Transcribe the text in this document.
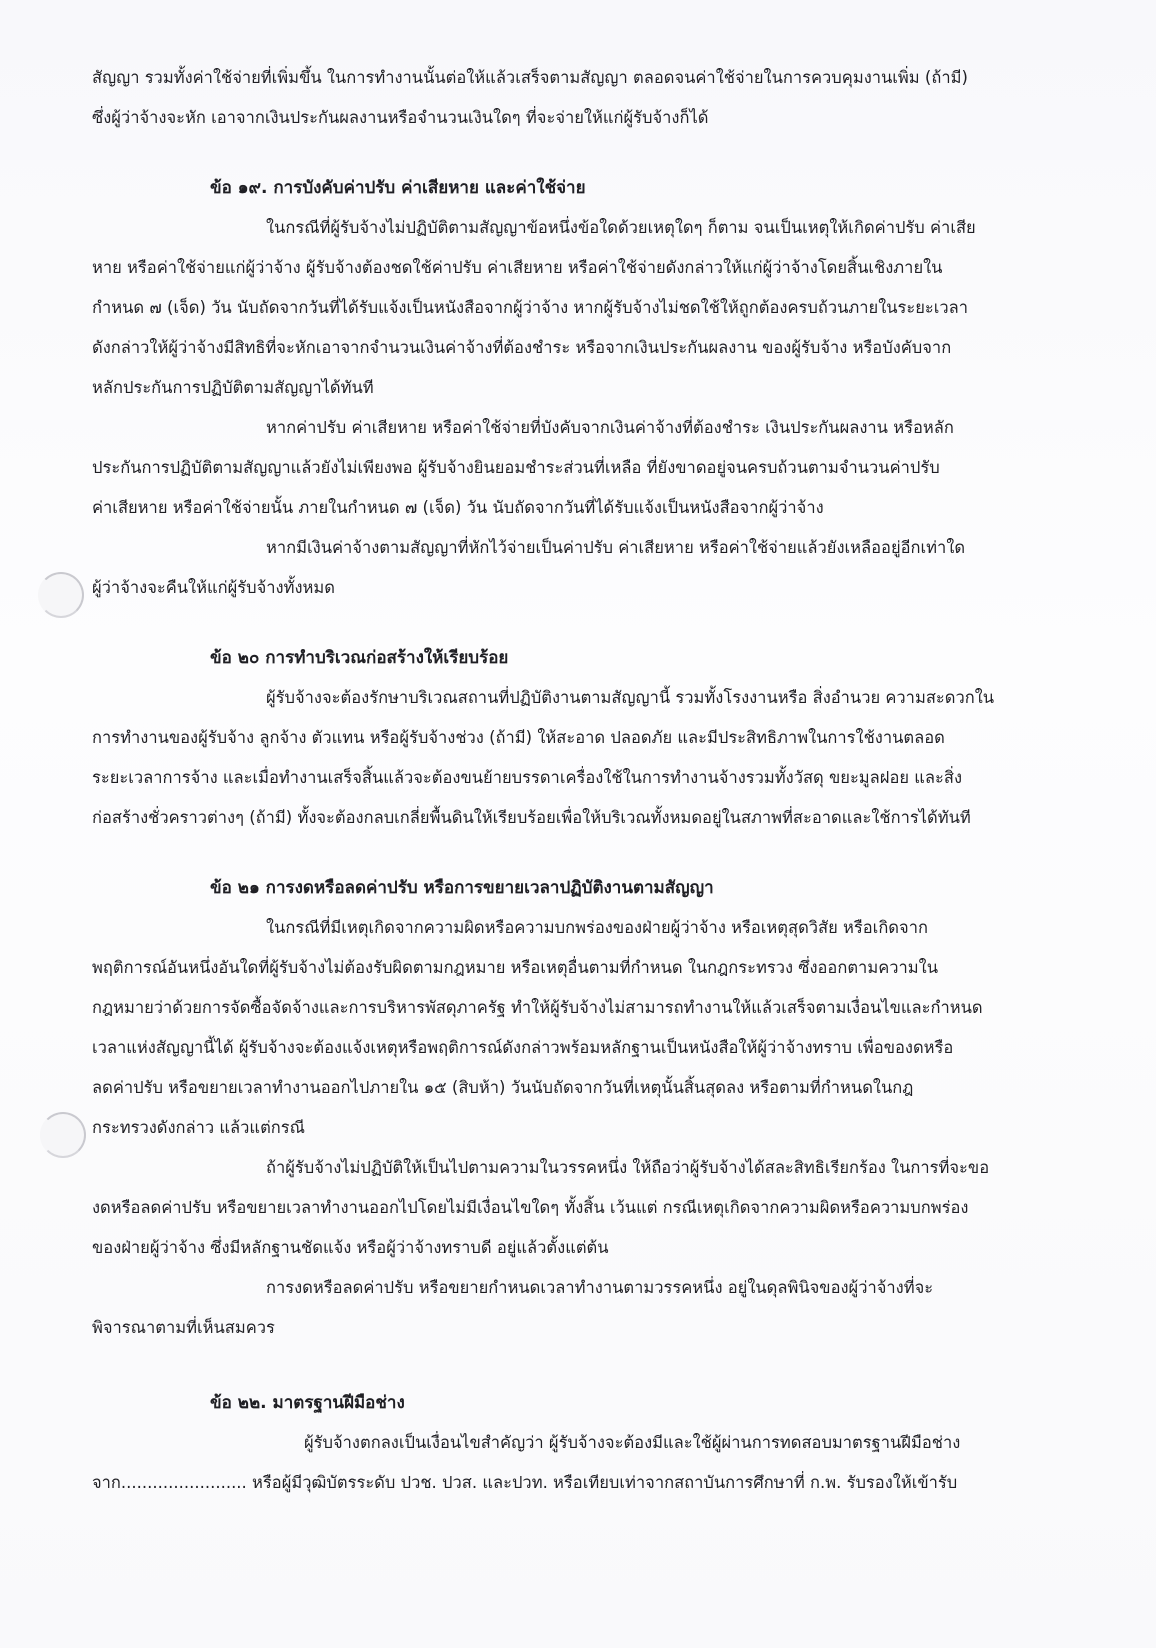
สัญญา รวมทั้งค่าใช้จ่ายที่เพิ่มขึ้น ในการทำงานนั้นต่อให้แล้วเสร็จตามสัญญา ตลอดจนค่าใช้จ่ายในการควบคุมงานเพิ่ม (ถ้ามี)
ซึ่งผู้ว่าจ้างจะหัก เอาจากเงินประกันผลงานหรือจำนวนเงินใดๆ ที่จะจ่ายให้แก่ผู้รับจ้างก็ได้
ข้อ ๑๙. การบังคับค่าปรับ ค่าเสียหาย และค่าใช้จ่าย
ในกรณีที่ผู้รับจ้างไม่ปฏิบัติตามสัญญาข้อหนึ่งข้อใดด้วยเหตุใดๆ ก็ตาม จนเป็นเหตุให้เกิดค่าปรับ ค่าเสีย
หาย หรือค่าใช้จ่ายแก่ผู้ว่าจ้าง ผู้รับจ้างต้องชดใช้ค่าปรับ ค่าเสียหาย หรือค่าใช้จ่ายดังกล่าวให้แก่ผู้ว่าจ้างโดยสิ้นเชิงภายใน
กำหนด ๗ (เจ็ด) วัน นับถัดจากวันที่ได้รับแจ้งเป็นหนังสือจากผู้ว่าจ้าง หากผู้รับจ้างไม่ชดใช้ให้ถูกต้องครบถ้วนภายในระยะเวลา
ดังกล่าวให้ผู้ว่าจ้างมีสิทธิที่จะหักเอาจากจำนวนเงินค่าจ้างที่ต้องชำระ หรือจากเงินประกันผลงาน ของผู้รับจ้าง หรือบังคับจาก
หลักประกันการปฏิบัติตามสัญญาได้ทันที
หากค่าปรับ ค่าเสียหาย หรือค่าใช้จ่ายที่บังคับจากเงินค่าจ้างที่ต้องชำระ เงินประกันผลงาน หรือหลัก
ประกันการปฏิบัติตามสัญญาแล้วยังไม่เพียงพอ ผู้รับจ้างยินยอมชำระส่วนที่เหลือ ที่ยังขาดอยู่จนครบถ้วนตามจำนวนค่าปรับ
ค่าเสียหาย หรือค่าใช้จ่ายนั้น ภายในกำหนด ๗ (เจ็ด) วัน นับถัดจากวันที่ได้รับแจ้งเป็นหนังสือจากผู้ว่าจ้าง
หากมีเงินค่าจ้างตามสัญญาที่หักไว้จ่ายเป็นค่าปรับ ค่าเสียหาย หรือค่าใช้จ่ายแล้วยังเหลืออยู่อีกเท่าใด
ผู้ว่าจ้างจะคืนให้แก่ผู้รับจ้างทั้งหมด
ข้อ ๒๐ การทำบริเวณก่อสร้างให้เรียบร้อย
ผู้รับจ้างจะต้องรักษาบริเวณสถานที่ปฏิบัติงานตามสัญญานี้ รวมทั้งโรงงานหรือ สิ่งอำนวย ความสะดวกใน
การทำงานของผู้รับจ้าง ลูกจ้าง ตัวแทน หรือผู้รับจ้างช่วง (ถ้ามี) ให้สะอาด ปลอดภัย และมีประสิทธิภาพในการใช้งานตลอด
ระยะเวลาการจ้าง และเมื่อทำงานเสร็จสิ้นแล้วจะต้องขนย้ายบรรดาเครื่องใช้ในการทำงานจ้างรวมทั้งวัสดุ ขยะมูลฝอย และสิ่ง
ก่อสร้างชั่วคราวต่างๆ (ถ้ามี) ทั้งจะต้องกลบเกลี่ยพื้นดินให้เรียบร้อยเพื่อให้บริเวณทั้งหมดอยู่ในสภาพที่สะอาดและใช้การได้ทันที
ข้อ ๒๑ การงดหรือลดค่าปรับ หรือการขยายเวลาปฏิบัติงานตามสัญญา
ในกรณีที่มีเหตุเกิดจากความผิดหรือความบกพร่องของฝ่ายผู้ว่าจ้าง หรือเหตุสุดวิสัย หรือเกิดจาก
พฤติการณ์อันหนึ่งอันใดที่ผู้รับจ้างไม่ต้องรับผิดตามกฎหมาย หรือเหตุอื่นตามที่กำหนด ในกฎกระทรวง ซึ่งออกตามความใน
กฎหมายว่าด้วยการจัดซื้อจัดจ้างและการบริหารพัสดุภาครัฐ ทำให้ผู้รับจ้างไม่สามารถทำงานให้แล้วเสร็จตามเงื่อนไขและกำหนด
เวลาแห่งสัญญานี้ได้ ผู้รับจ้างจะต้องแจ้งเหตุหรือพฤติการณ์ดังกล่าวพร้อมหลักฐานเป็นหนังสือให้ผู้ว่าจ้างทราบ เพื่อของดหรือ
ลดค่าปรับ หรือขยายเวลาทำงานออกไปภายใน ๑๕ (สิบห้า) วันนับถัดจากวันที่เหตุนั้นสิ้นสุดลง หรือตามที่กำหนดในกฎ
กระทรวงดังกล่าว แล้วแต่กรณี
ถ้าผู้รับจ้างไม่ปฏิบัติให้เป็นไปตามความในวรรคหนึ่ง ให้ถือว่าผู้รับจ้างได้สละสิทธิเรียกร้อง ในการที่จะขอ
งดหรือลดค่าปรับ หรือขยายเวลาทำงานออกไปโดยไม่มีเงื่อนไขใดๆ ทั้งสิ้น เว้นแต่ กรณีเหตุเกิดจากความผิดหรือความบกพร่อง
ของฝ่ายผู้ว่าจ้าง ซึ่งมีหลักฐานชัดแจ้ง หรือผู้ว่าจ้างทราบดี อยู่แล้วตั้งแต่ต้น
การงดหรือลดค่าปรับ หรือขยายกำหนดเวลาทำงานตามวรรคหนึ่ง อยู่ในดุลพินิจของผู้ว่าจ้างที่จะ
พิจารณาตามที่เห็นสมควร
ข้อ ๒๒. มาตรฐานฝีมือช่าง
ผู้รับจ้างตกลงเป็นเงื่อนไขสำคัญว่า ผู้รับจ้างจะต้องมีและใช้ผู้ผ่านการทดสอบมาตรฐานฝีมือช่าง
จาก........................ หรือผู้มีวุฒิบัตรระดับ ปวช. ปวส. และปวท. หรือเทียบเท่าจากสถาบันการศึกษาที่ ก.พ. รับรองให้เข้ารับ
